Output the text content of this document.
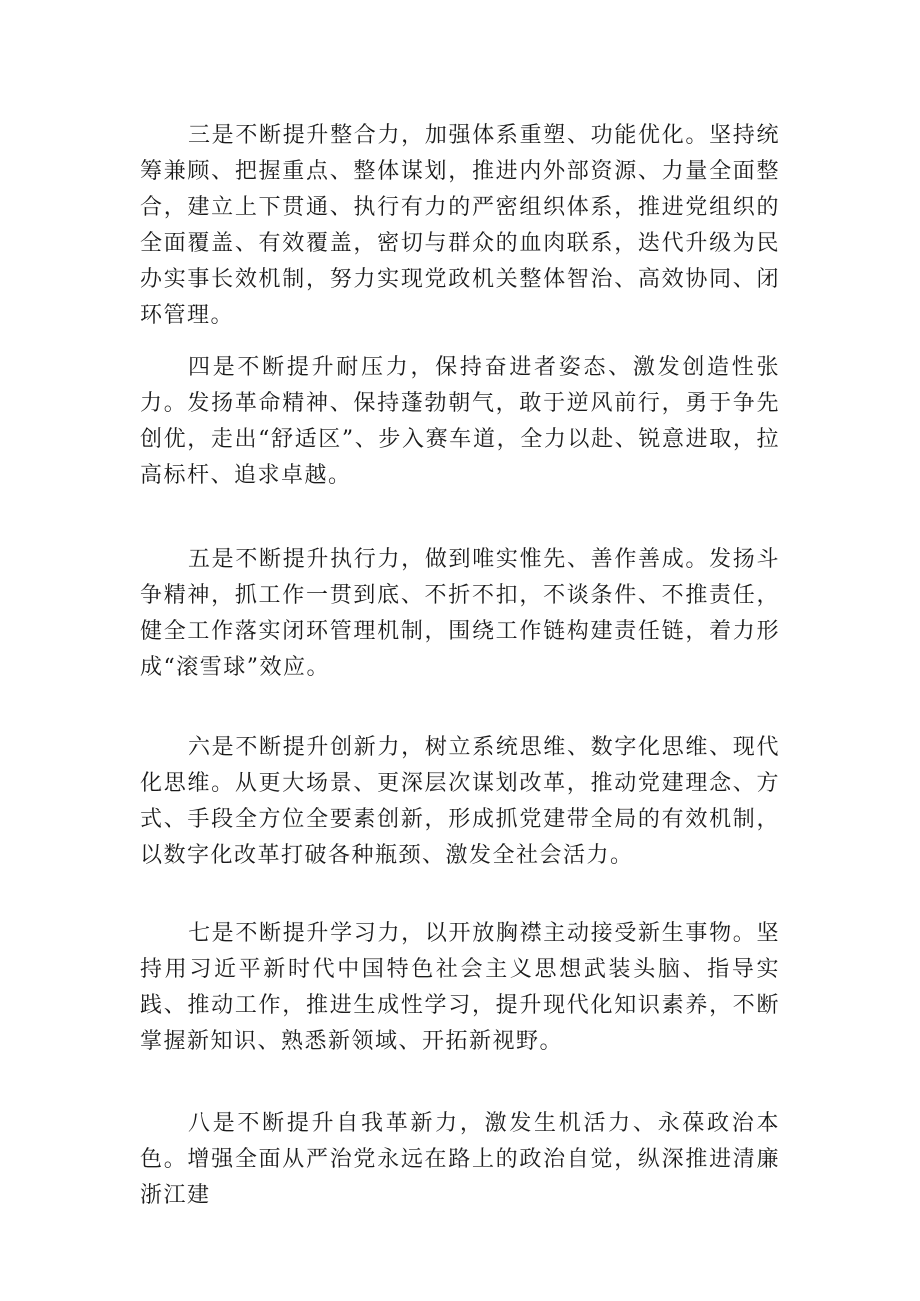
三是不断提升整合力，加强体系重塑、功能优化。坚持统筹兼顾、把握重点、整体谋划，推进内外部资源、力量全面整合，建立上下贯通、执行有力的严密组织体系，推进党组织的全面覆盖、有效覆盖，密切与群众的血肉联系，迭代升级为民办实事长效机制，努力实现党政机关整体智治、高效协同、闭环管理。

四是不断提升耐压力，保持奋进者姿态、激发创造性张力。发扬革命精神、保持蓬勃朝气，敢于逆风前行，勇于争先创优，走出“舒适区”、步入赛车道，全力以赴、锐意进取，拉高标杆、追求卓越。

五是不断提升执行力，做到唯实惟先、善作善成。发扬斗争精神，抓工作一贯到底、不折不扣，不谈条件、不推责任，健全工作落实闭环管理机制，围绕工作链构建责任链，着力形成“滚雪球”效应。

六是不断提升创新力，树立系统思维、数字化思维、现代化思维。从更大场景、更深层次谋划改革，推动党建理念、方式、手段全方位全要素创新，形成抓党建带全局的有效机制，以数字化改革打破各种瓶颈、激发全社会活力。

七是不断提升学习力，以开放胸襟主动接受新生事物。坚持用习近平新时代中国特色社会主义思想武装头脑、指导实践、推动工作，推进生成性学习，提升现代化知识素养，不断掌握新知识、熟悉新领域、开拓新视野。

八是不断提升自我革新力，激发生机活力、永葆政治本色。增强全面从严治党永远在路上的政治自觉，纵深推进清廉浙江建
